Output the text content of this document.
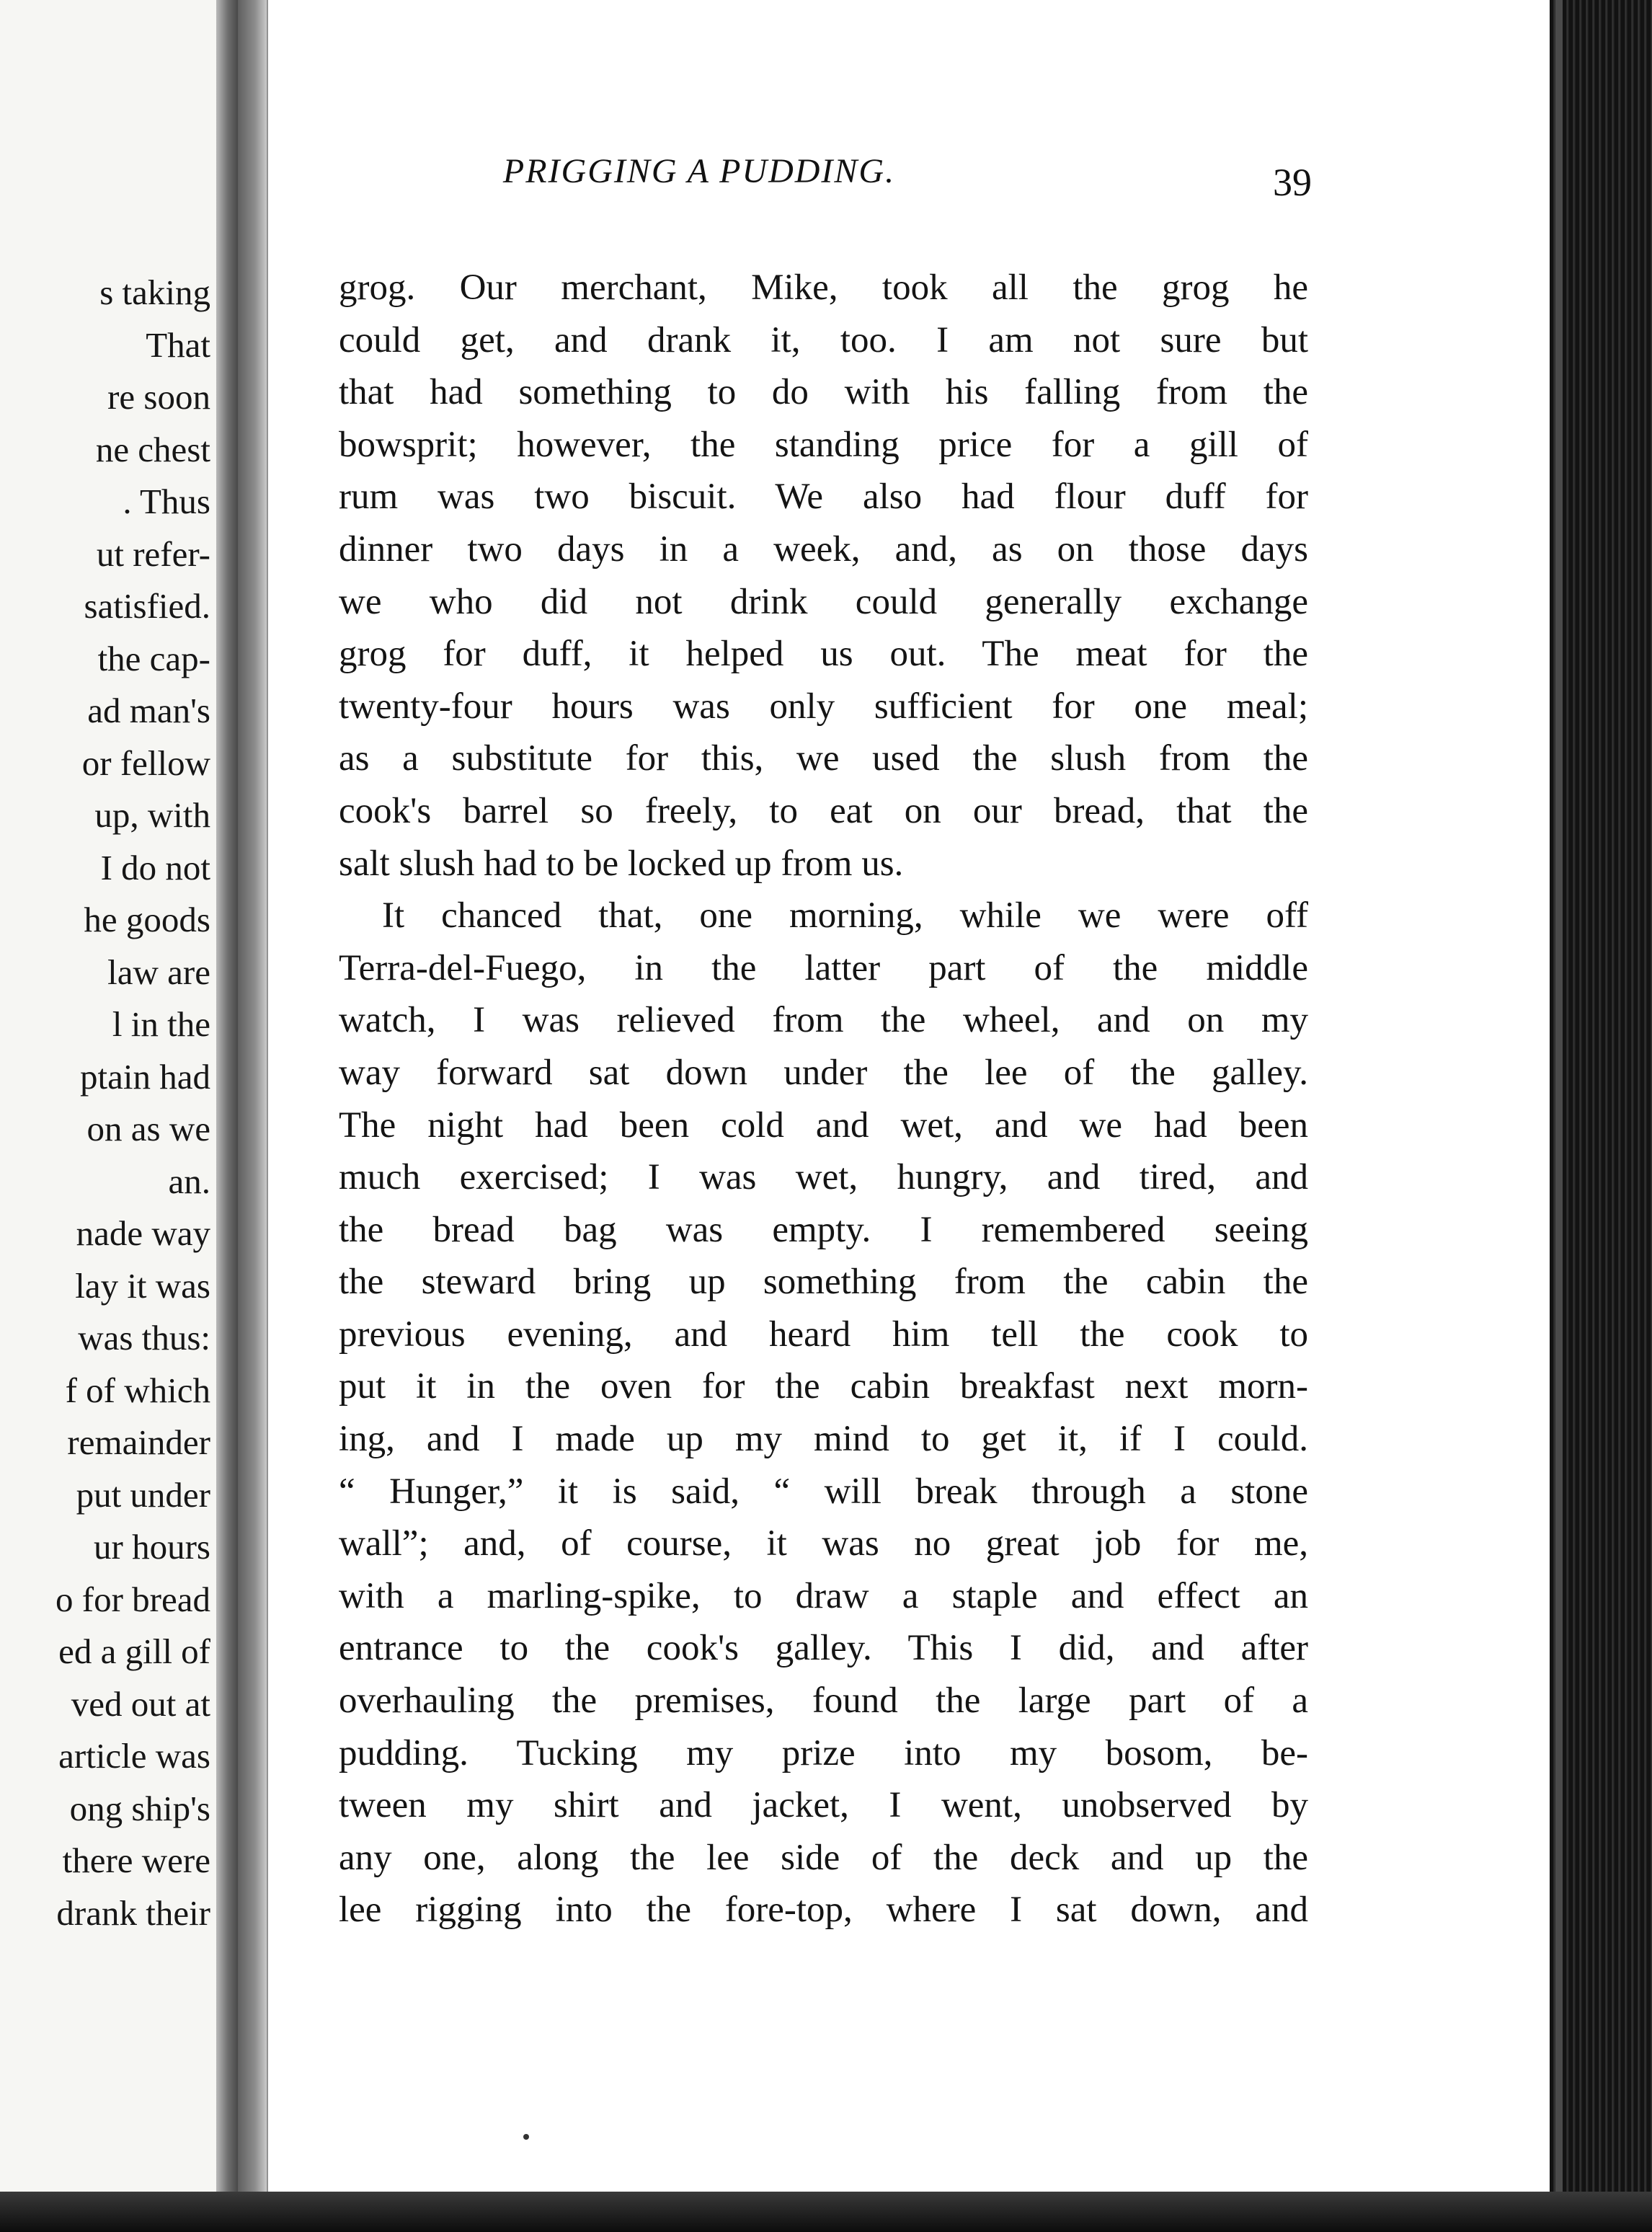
s taking
That
re soon
ne chest
. Thus
ut refer-
satisfied.
the cap-
ad man's
or fellow
up, with
I do not
he goods
law are
l in the
ptain had
on as we
an.
nade way
lay it was
was thus:
f of which
remainder
put under
ur hours
o for bread
ed a gill of
ved out at
article was
ong ship's
there were
drank their
PRIGGING A PUDDING.	39
grog. Our merchant, Mike, took all the grog he
could get, and drank it, too. I am not sure but
that had something to do with his falling from the
bowsprit; however, the standing price for a gill of
rum was two biscuit. We also had flour duff for
dinner two days in a week, and, as on those days
we who did not drink could generally exchange
grog for duff, it helped us out. The meat for the
twenty-four hours was only sufficient for one meal;
as a substitute for this, we used the slush from the
cook's barrel so freely, to eat on our bread, that the
salt slush had to be locked up from us.
It chanced that, one morning, while we were off
Terra-del-Fuego, in the latter part of the middle
watch, I was relieved from the wheel, and on my
way forward sat down under the lee of the galley.
The night had been cold and wet, and we had been
much exercised; I was wet, hungry, and tired, and
the bread bag was empty. I remembered seeing
the steward bring up something from the cabin the
previous evening, and heard him tell the cook to
put it in the oven for the cabin breakfast next morn-
ing, and I made up my mind to get it, if I could.
“ Hunger,” it is said, “ will break through a stone
wall”; and, of course, it was no great job for me,
with a marling-spike, to draw a staple and effect an
entrance to the cook's galley. This I did, and after
overhauling the premises, found the large part of a
pudding. Tucking my prize into my bosom, be-
tween my shirt and jacket, I went, unobserved by
any one, along the lee side of the deck and up the
lee rigging into the fore-top, where I sat down, and
